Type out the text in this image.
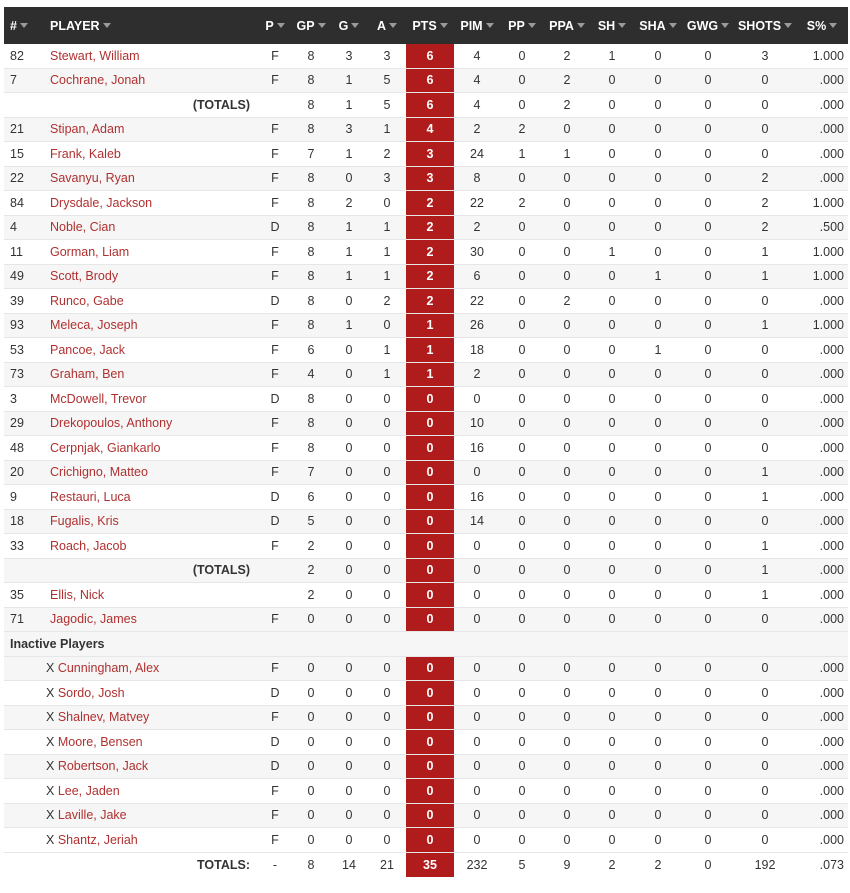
#	PLAYER	P	GP	G	A	PTS	PIM	PP	PPA	SH	SHA	GWG	SHOTS	S%
82	Stewart, William	F	8	3	3	6	4	0	2	1	0	0	3	1.000
7	Cochrane, Jonah	F	8	1	5	6	4	0	2	0	0	0	0	.000
	(TOTALS)		8	1	5	6	4	0	2	0	0	0	0	.000
21	Stipan, Adam	F	8	3	1	4	2	2	0	0	0	0	0	.000
15	Frank, Kaleb	F	7	1	2	3	24	1	1	0	0	0	0	.000
22	Savanyu, Ryan	F	8	0	3	3	8	0	0	0	0	0	2	.000
84	Drysdale, Jackson	F	8	2	0	2	22	2	0	0	0	0	2	1.000
4	Noble, Cian	D	8	1	1	2	2	0	0	0	0	0	2	.500
11	Gorman, Liam	F	8	1	1	2	30	0	0	1	0	0	1	1.000
49	Scott, Brody	F	8	1	1	2	6	0	0	0	1	0	1	1.000
39	Runco, Gabe	D	8	0	2	2	22	0	2	0	0	0	0	.000
93	Meleca, Joseph	F	8	1	0	1	26	0	0	0	0	0	1	1.000
53	Pancoe, Jack	F	6	0	1	1	18	0	0	0	1	0	0	.000
73	Graham, Ben	F	4	0	1	1	2	0	0	0	0	0	0	.000
3	McDowell, Trevor	D	8	0	0	0	0	0	0	0	0	0	0	.000
29	Drekopoulos, Anthony	F	8	0	0	0	10	0	0	0	0	0	0	.000
48	Cerpnjak, Giankarlo	F	8	0	0	0	16	0	0	0	0	0	0	.000
20	Crichigno, Matteo	F	7	0	0	0	0	0	0	0	0	0	1	.000
9	Restauri, Luca	D	6	0	0	0	16	0	0	0	0	0	1	.000
18	Fugalis, Kris	D	5	0	0	0	14	0	0	0	0	0	0	.000
33	Roach, Jacob	F	2	0	0	0	0	0	0	0	0	0	1	.000
	(TOTALS)		2	0	0	0	0	0	0	0	0	0	1	.000
35	Ellis, Nick		2	0	0	0	0	0	0	0	0	0	1	.000
71	Jagodic, James	F	0	0	0	0	0	0	0	0	0	0	0	.000
Inactive Players														
X Cunningham, Alex		F	0	0	0	0	0	0	0	0	0	0	0	.000
X Sordo, Josh		D	0	0	0	0	0	0	0	0	0	0	0	.000
X Shalnev, Matvey		F	0	0	0	0	0	0	0	0	0	0	0	.000
X Moore, Bensen		D	0	0	0	0	0	0	0	0	0	0	0	.000
X Robertson, Jack		D	0	0	0	0	0	0	0	0	0	0	0	.000
X Lee, Jaden		F	0	0	0	0	0	0	0	0	0	0	0	.000
X Laville, Jake		F	0	0	0	0	0	0	0	0	0	0	0	.000
X Shantz, Jeriah		F	0	0	0	0	0	0	0	0	0	0	0	.000
TOTALS:		-	8	14	21	35	232	5	9	2	2	0	192	.073
